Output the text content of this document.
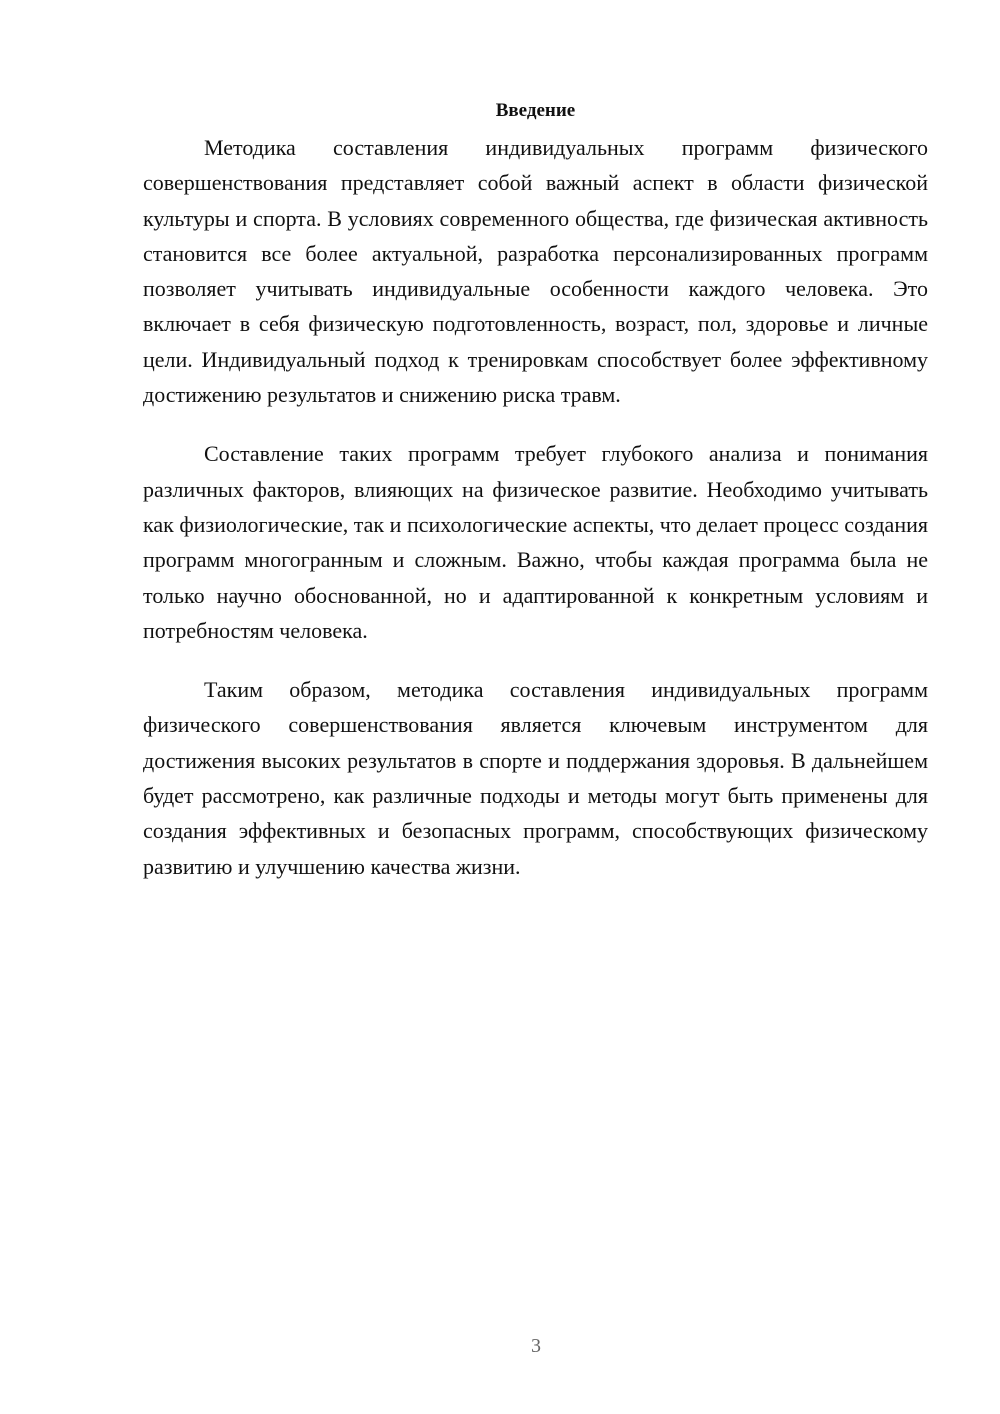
Введение

Методика составления индивидуальных программ физического совершенствования представляет собой важный аспект в области физической культуры и спорта. В условиях современного общества, где физическая активность становится все более актуальной, разработка персонализированных программ позволяет учитывать индивидуальные особенности каждого человека. Это включает в себя физическую подготовленность, возраст, пол, здоровье и личные цели. Индивидуальный подход к тренировкам способствует более эффективному достижению результатов и снижению риска травм.

Составление таких программ требует глубокого анализа и понимания различных факторов, влияющих на физическое развитие. Необходимо учитывать как физиологические, так и психологические аспекты, что делает процесс создания программ многогранным и сложным. Важно, чтобы каждая программа была не только научно обоснованной, но и адаптированной к конкретным условиям и потребностям человека.

Таким образом, методика составления индивидуальных программ физического совершенствования является ключевым инструментом для достижения высоких результатов в спорте и поддержания здоровья. В дальнейшем будет рассмотрено, как различные подходы и методы могут быть применены для создания эффективных и безопасных программ, способствующих физическому развитию и улучшению качества жизни.

3
